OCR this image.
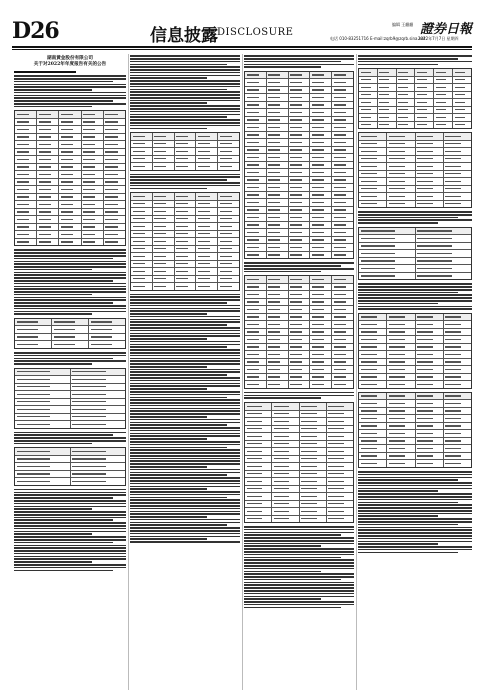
D26	信息披露 DISCLOSURE
编辑 王翻翻
电话 010-83251716 E-mail:zqrb9@zqrb.sina.net
證券日報
2022年7月7日 星期四
湖南黄金股份有限公司
关于对2022年年度报告有关的公告
